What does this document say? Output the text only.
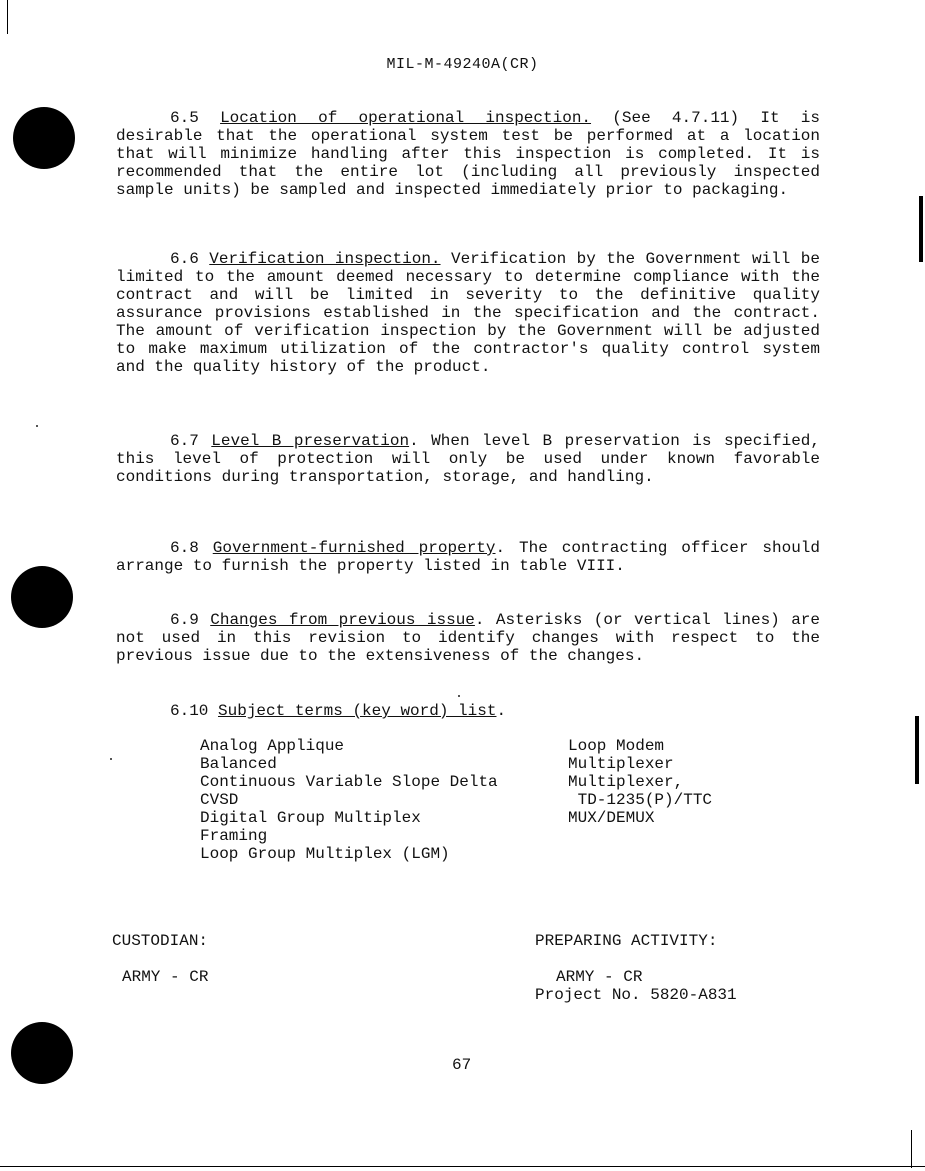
MIL-M-49240A(CR)
6.5 Location of operational inspection. (See 4.7.11) It is desirable that the operational system test be performed at a location that will minimize handling after this inspection is completed. It is recommended that the entire lot (including all previously inspected sample units) be sampled and inspected immediately prior to packaging.
6.6 Verification inspection. Verification by the Government will be limited to the amount deemed necessary to determine compliance with the contract and will be limited in severity to the definitive quality assurance provisions established in the specification and the contract. The amount of verification inspection by the Government will be adjusted to make maximum utilization of the contractor's quality control system and the quality history of the product.
6.7 Level B preservation. When level B preservation is specified, this level of protection will only be used under known favorable conditions during transportation, storage, and handling.
6.8 Government-furnished property. The contracting officer should arrange to furnish the property listed in table VIII.
6.9 Changes from previous issue. Asterisks (or vertical lines) are not used in this revision to identify changes with respect to the previous issue due to the extensiveness of the changes.
6.10 Subject terms (key word) list.
Analog Applique
Balanced
Continuous Variable Slope Delta
CVSD
Digital Group Multiplex
Framing
Loop Group Multiplex (LGM)
Loop Modem
Multiplexer
Multiplexer,
TD-1235(P)/TTC
MUX/DEMUX
CUSTODIAN:
ARMY - CR
PREPARING ACTIVITY:
ARMY - CR
Project No. 5820-A831
67
